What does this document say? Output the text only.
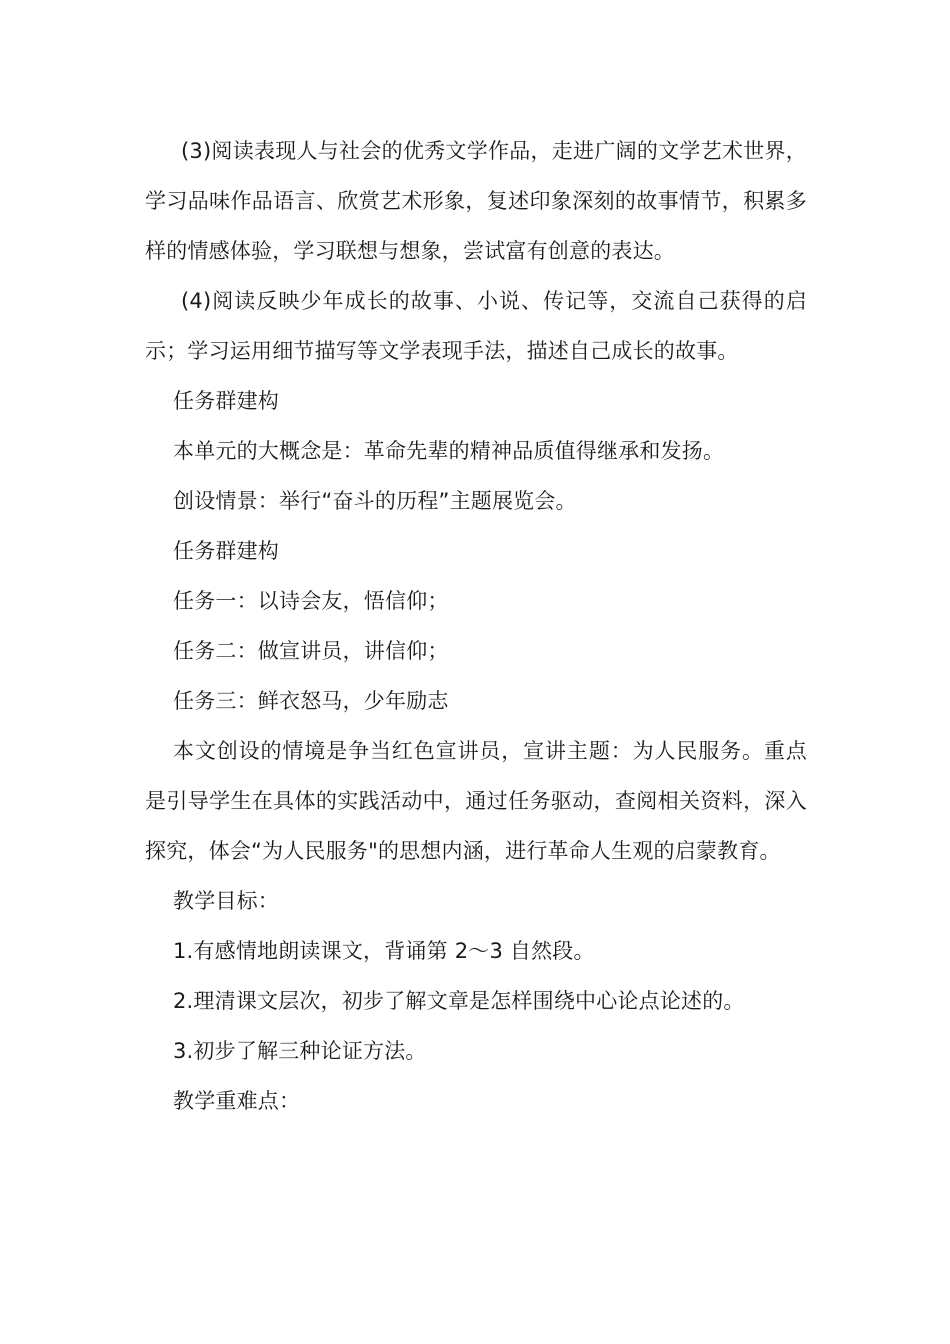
(3)阅读表现人与社会的优秀文学作品，走进广阔的文学艺术世界，学习品味作品语言、欣赏艺术形象，复述印象深刻的故事情节，积累多样的情感体验，学习联想与想象，尝试富有创意的表达。

(4)阅读反映少年成长的故事、小说、传记等，交流自己获得的启示；学习运用细节描写等文学表现手法，描述自己成长的故事。

任务群建构

本单元的大概念是：革命先辈的精神品质值得继承和发扬。

创设情景：举行“奋斗的历程”主题展览会。

任务群建构

任务一：以诗会友，悟信仰；

任务二：做宣讲员，讲信仰；

任务三：鲜衣怒马，少年励志

本文创设的情境是争当红色宣讲员，宣讲主题：为人民服务。重点是引导学生在具体的实践活动中，通过任务驱动，查阅相关资料，深入探究，体会“为人民服务"的思想内涵，进行革命人生观的启蒙教育。

教学目标：

1.有感情地朗读课文，背诵第 2～3 自然段。

2.理清课文层次，初步了解文章是怎样围绕中心论点论述的。

3.初步了解三种论证方法。

教学重难点：
